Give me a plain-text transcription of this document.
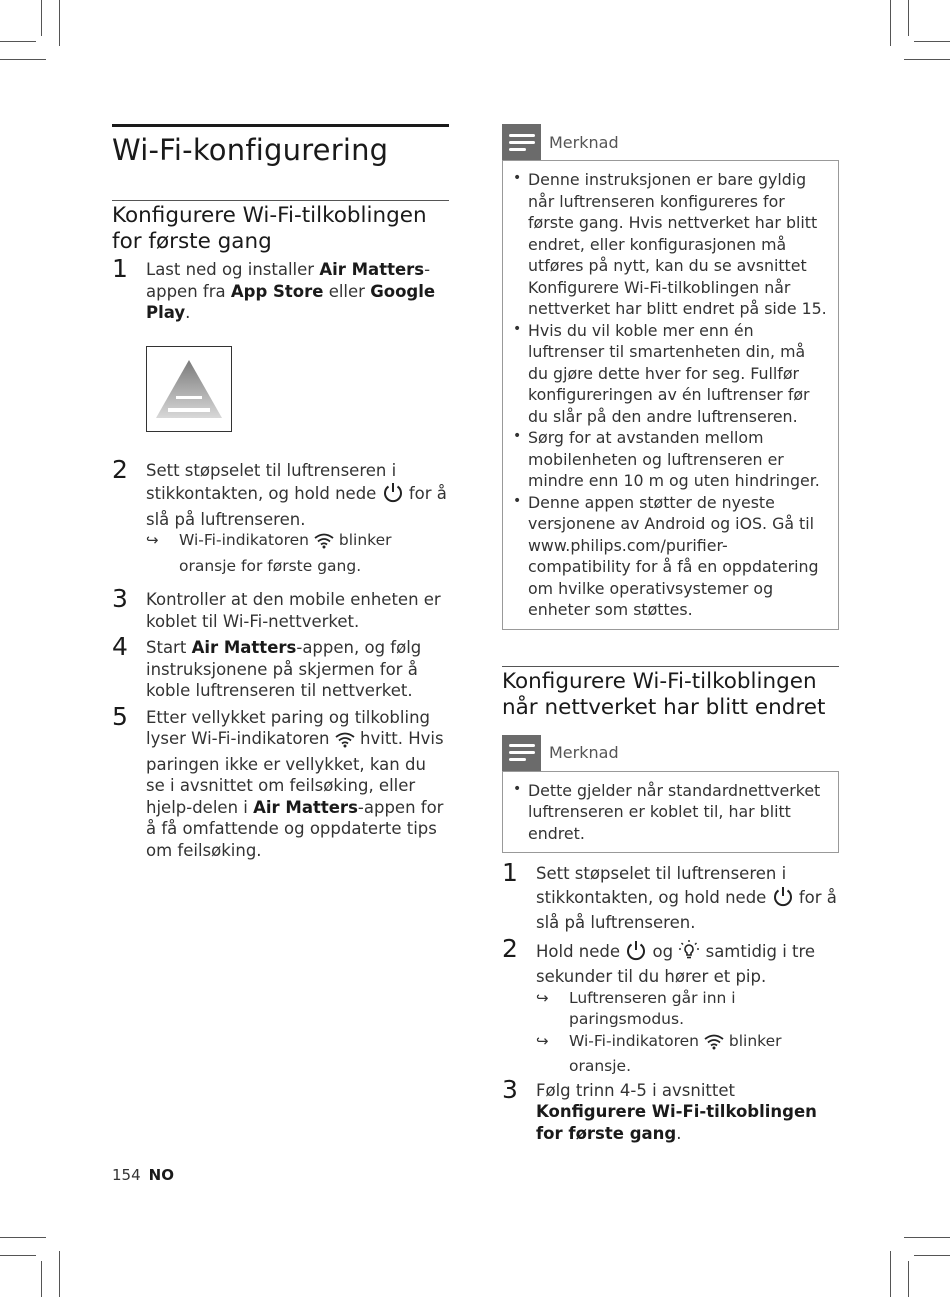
Wi-Fi-konfigurering
Konfigurere Wi-Fi-tilkoblingen for første gang
1 Last ned og installer Air Matters-appen fra App Store eller Google Play.
2 Sett støpselet til luftrenseren i stikkontakten, og hold nede  for å slå på luftrenseren.
↪ Wi-Fi-indikatoren  blinker oransje for første gang.
3 Kontroller at den mobile enheten er koblet til Wi-Fi-nettverket.
4 Start Air Matters-appen, og følg instruksjonene på skjermen for å koble luftrenseren til nettverket.
5 Etter vellykket paring og tilkobling lyser Wi-Fi-indikatoren  hvitt. Hvis paringen ikke er vellykket, kan du se i avsnittet om feilsøking, eller hjelp-delen i Air Matters-appen for å få omfattende og oppdaterte tips om feilsøking.
Merknad
• Denne instruksjonen er bare gyldig når luftrenseren konfigureres for første gang. Hvis nettverket har blitt endret, eller konfigurasjonen må utføres på nytt, kan du se avsnittet Konfigurere Wi-Fi-tilkoblingen når nettverket har blitt endret på side 15.
• Hvis du vil koble mer enn én luftrenser til smartenheten din, må du gjøre dette hver for seg. Fullfør konfigureringen av én luftrenser før du slår på den andre luftrenseren.
• Sørg for at avstanden mellom mobilenheten og luftrenseren er mindre enn 10 m og uten hindringer.
• Denne appen støtter de nyeste versjonene av Android og iOS. Gå til www.philips.com/purifier-compatibility for å få en oppdatering om hvilke operativsystemer og enheter som støttes.
Konfigurere Wi-Fi-tilkoblingen når nettverket har blitt endret
Merknad
• Dette gjelder når standardnettverket luftrenseren er koblet til, har blitt endret.
1 Sett støpselet til luftrenseren i stikkontakten, og hold nede  for å slå på luftrenseren.
2 Hold nede  og  samtidig i tre sekunder til du hører et pip.
↪ Luftrenseren går inn i paringsmodus.
↪ Wi-Fi-indikatoren  blinker oransje.
3 Følg trinn 4-5 i avsnittet Konfigurere Wi-Fi-tilkoblingen for første gang.
154 NO
